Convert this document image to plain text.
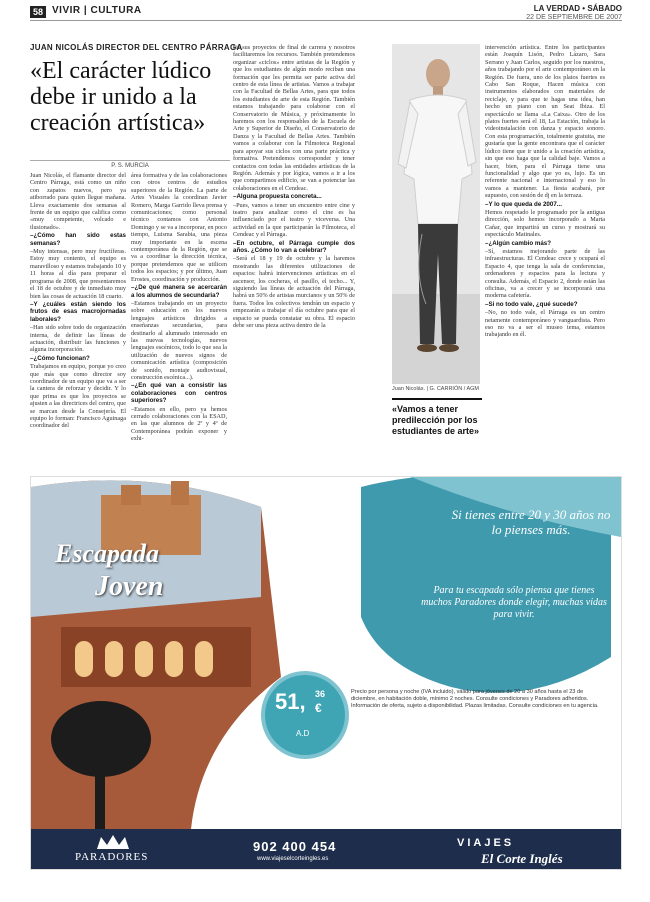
58 VIVIR | CULTURA	LA VERDAD • SÁBADO
22 DE SEPTIEMBRE DE 2007
JUAN NICOLÁS DIRECTOR DEL CENTRO PÁRRAGA
«El carácter lúdico debe ir unido a la creación artística»
P. S. MURCIA

Juan Nicolás, el flamante director del Centro Párraga, está como un niño con zapatos nuevos, pero ya atiborrado para quien llegue mañana. Lleva exactamente dos semanas al frente de un equipo que califica como «muy competente, volcado e ilusionado».

–¿Cómo han sido estas semanas?

–Muy intensas, pero muy fructíferas. Estoy muy contento, el equipo es maravilloso y estamos trabajando 10 y 11 horas al día para preparar el programa de 2008, que presentaremos el 18 de octubre y de inmediato muy bien las cosas de actuación 18 cuarto.

–Y ¿cuáles están siendo los frutos de esas macrojornadas laborales?

–Han sido sobre todo de organización interna, de definir las líneas de actuación, distribuir las funciones y alguna incorporación.

–¿Cómo funcionan?

Trabajamos en equipo, porque yo creo que más que como director soy coordinador de un equipo que va a ser la cantera de reforzar y decidir. Y lo que prima es que los proyectos se ajusten a las directrices del centro, que se marcan desde la Consejería. El equipo lo forman: Francisco Aguinaga coordinador del

área formativa y de las colaboraciones con otros centros de estudios superiores de la Región. La parte de Artes Visuales la coordinan Javier Romero, Marga Garrido lleva prensa y comunicaciones; como personal técnico contamos con Antonio Domingo y se va a incorporar, en poco tiempo, Luisma Sarabia, una pieza muy importante en la escena contemporánea de la Región, que se va a coordinar la dirección técnica, porque pretendemos que se utilicen todos los espacios; y por último, Juan Erostes, coordinación y producción.

–¿De qué manera se acercarán a los alumnos de secundaria?

–Estamos trabajando en un proyecto sobre educación en los nuevos lenguajes artísticos dirigidos a enseñanzas secundarias, para destinarlo al alumnado interesado en las nuevas tecnologías, nuevos lenguajes escénicos, todo lo que sea la utilización de nuevos signos de comunicación artística (composición de sonido, montaje audiovisual, construcción escénica...).

–¿En qué van a consistir las colaboraciones con centros superiores?

–Estamos en ello, pero ya hemos cerrado colaboraciones con la ESAD, en las que alumnos de 2º y 4º de Contemporánea podrán exponer y exhi-

bir sus proyectos de final de carrera y nosotros facilitaremos los recursos. También pretendemos organizar «ciclos» entre artistas de la Región y que los estudiantes de algún modo reciban una formación que les permita ser parte activa del centro de esta línea de artistas. Vamos a trabajar con la Facultad de Bellas Artes, para que todos los estudiantes de arte de esta Región. También estamos trabajando para colaborar con el Conservatorio de Música, y próximamente lo haremos con los responsables de la Escuela de Arte y Superior de Diseño, el Conservatorio de Danza y la Facultad de Bellas Artes. También vamos a colaborar con la Filmoteca Regional para apoyar sus ciclos con una parte práctica y formativa. Pretendemos corresponder y tener contactos con todas las entidades artísticas de la Región. Además y por lógica, vamos a ir a los que compartimos edificio, se van a potenciar las colaboraciones en el Cendeac.

–Alguna propuesta concreta...

–Pues, vamos a tener un encuentro entre cine y teatro para analizar como el cine es ha influenciado por el teatro y viceversa. Una actividad en la que participarán la Filmoteca, el Cendeac y el Párraga.

–En octubre, el Párraga cumple dos años. ¿Cómo lo van a celebrar?

–Será el 18 y 19 de octubre y la haremos mostrando las diferentes utilizaciones de espacios: habrá intervenciones artísticas en el ascensor, los cocheras, el pasillo, el techo... Y, siguiendo las líneas de actuación del Párraga, habrá un 50% de artistas murcianos y un 50% de fuera. Todos los colectivos tendrán un espacio y empezarán a trabajar el día octubre para que el espacio se pueda constatar su obra. El espacio debe ser una pieza activa dentro de la

intervención artística. Entre los participantes están Joaquín Lisón, Pedro Lázaro, Sara Serrano y Juan Carlos, seguido por los nuestros, años trabajando por el arte contemporáneo en la Región. De fuera, uno de los platos fuertes es Cabo San Roque, Hacen música con instrumentos elaborados con materiales de reciclaje, y para que te hagas una idea, han hecho un piano con un Seat Ibiza. El espectáculo se llama «La Caixa». Otro de los platos fuertes será el 18, La Estación, trabaja la videoinstalación con danza y espacio sonoro. Con esta programación, totalmente gratuita, me gustaría que la gente encontrara que el carácter lúdico tiene que ir unido a la creación artística, sin que eso haga que la calidad baje. Vamos a hacer, bien, para el Párraga tiene una funcionalidad y algo que yo es, lujo. Es un referente nacional e internacional y eso lo vamos a mantener. La fiesta acabará, por supuesto, con sesión de dj en la terraza.

–Y lo que queda de 2007...

Hemos respetado le programado por la antigua dirección, solo hemos incorporado a Marta Cañar, que impartirá un curso y mostrará su espectáculo Matinales.

–¿Algún cambio más?

–Sí, estamos mejorando parte de las infraestructuras. El Cendeac crece y ocupará el Espacio 4, que tenga la sala de conferencias, ordenadores y espacios para la lectura y consulta. Además, el Espacio 2, donde están las oficinas, va a crecer y se incorporará una moderna cafetería.

–Si no todo vale, ¿qué sucede?

–No, no todo vale, el Párraga es un centro netamente contemporáneo y vanguardista. Pero eso no va a ser el museo tema, estamos trabajando en él.

Juan Nicolás. | G. CARRIÓN / AGM
«Vamos a tener predilección por los estudiantes de arte»
Escapada
Joven
Si tienes entre 20 y 30 años no lo pienses más.
Para tu escapada sólo piensa que tienes muchos Paradores donde elegir, muchas vidas para vivir.
51, 36
€
A.D
Precio por persona y noche (IVA incluido), válido para jóvenes de 20 a 30 años hasta el 23 de diciembre, en habitación doble, mínimo 2 noches. Consulte condiciones y Paradores adheridos. Información de oferta, sujeto a disponibilidad. Plazas limitadas. Consulte condiciones en tu agencia.
PARADORES
902 400 454
www.viajeselcorteingles.es
VIAJES
El Corte Inglés
